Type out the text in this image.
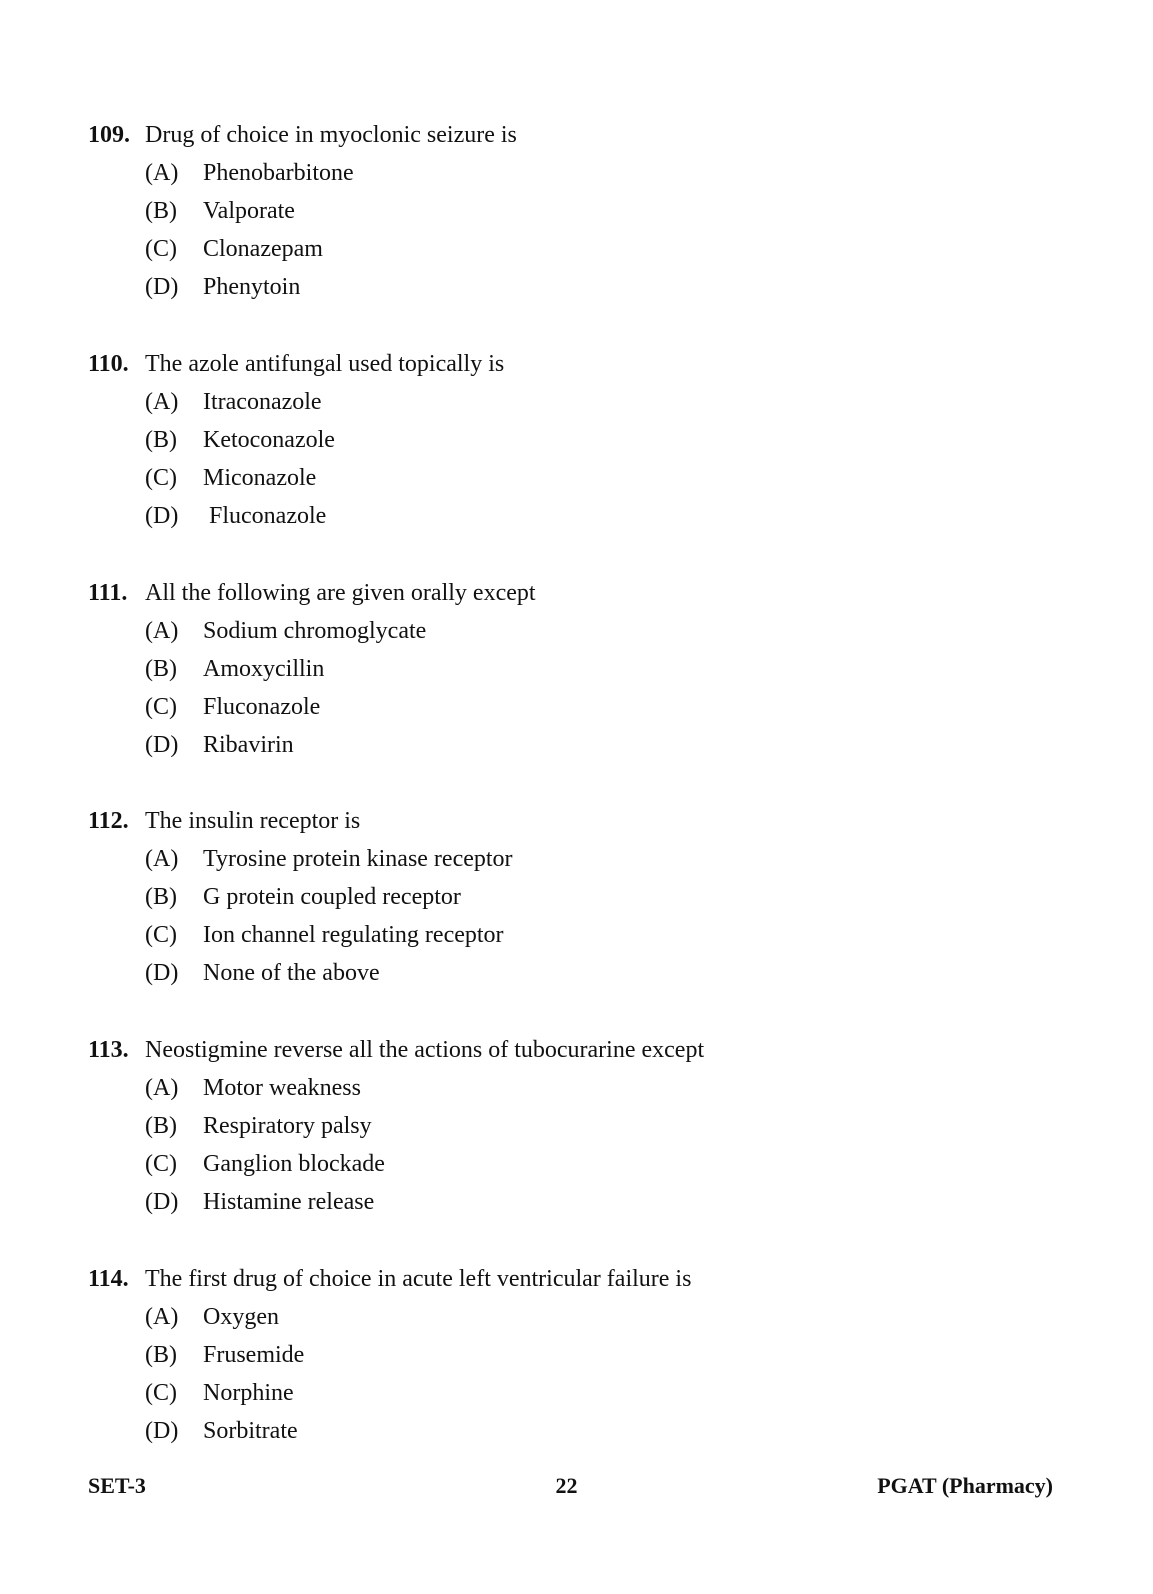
109. Drug of choice in myoclonic seizure is
(A) Phenobarbitone
(B) Valporate
(C) Clonazepam
(D) Phenytoin
110. The azole antifungal used topically is
(A) Itraconazole
(B) Ketoconazole
(C) Miconazole
(D) Fluconazole
111. All the following are given orally except
(A) Sodium chromoglycate
(B) Amoxycillin
(C) Fluconazole
(D) Ribavirin
112. The insulin receptor is
(A) Tyrosine protein kinase receptor
(B) G protein coupled receptor
(C) Ion channel regulating receptor
(D) None of the above
113. Neostigmine reverse all the actions of tubocurarine except
(A) Motor weakness
(B) Respiratory palsy
(C) Ganglion blockade
(D) Histamine release
114. The first drug of choice in acute left ventricular failure is
(A) Oxygen
(B) Frusemide
(C) Norphine
(D) Sorbitrate
SET-3	22	PGAT (Pharmacy)
